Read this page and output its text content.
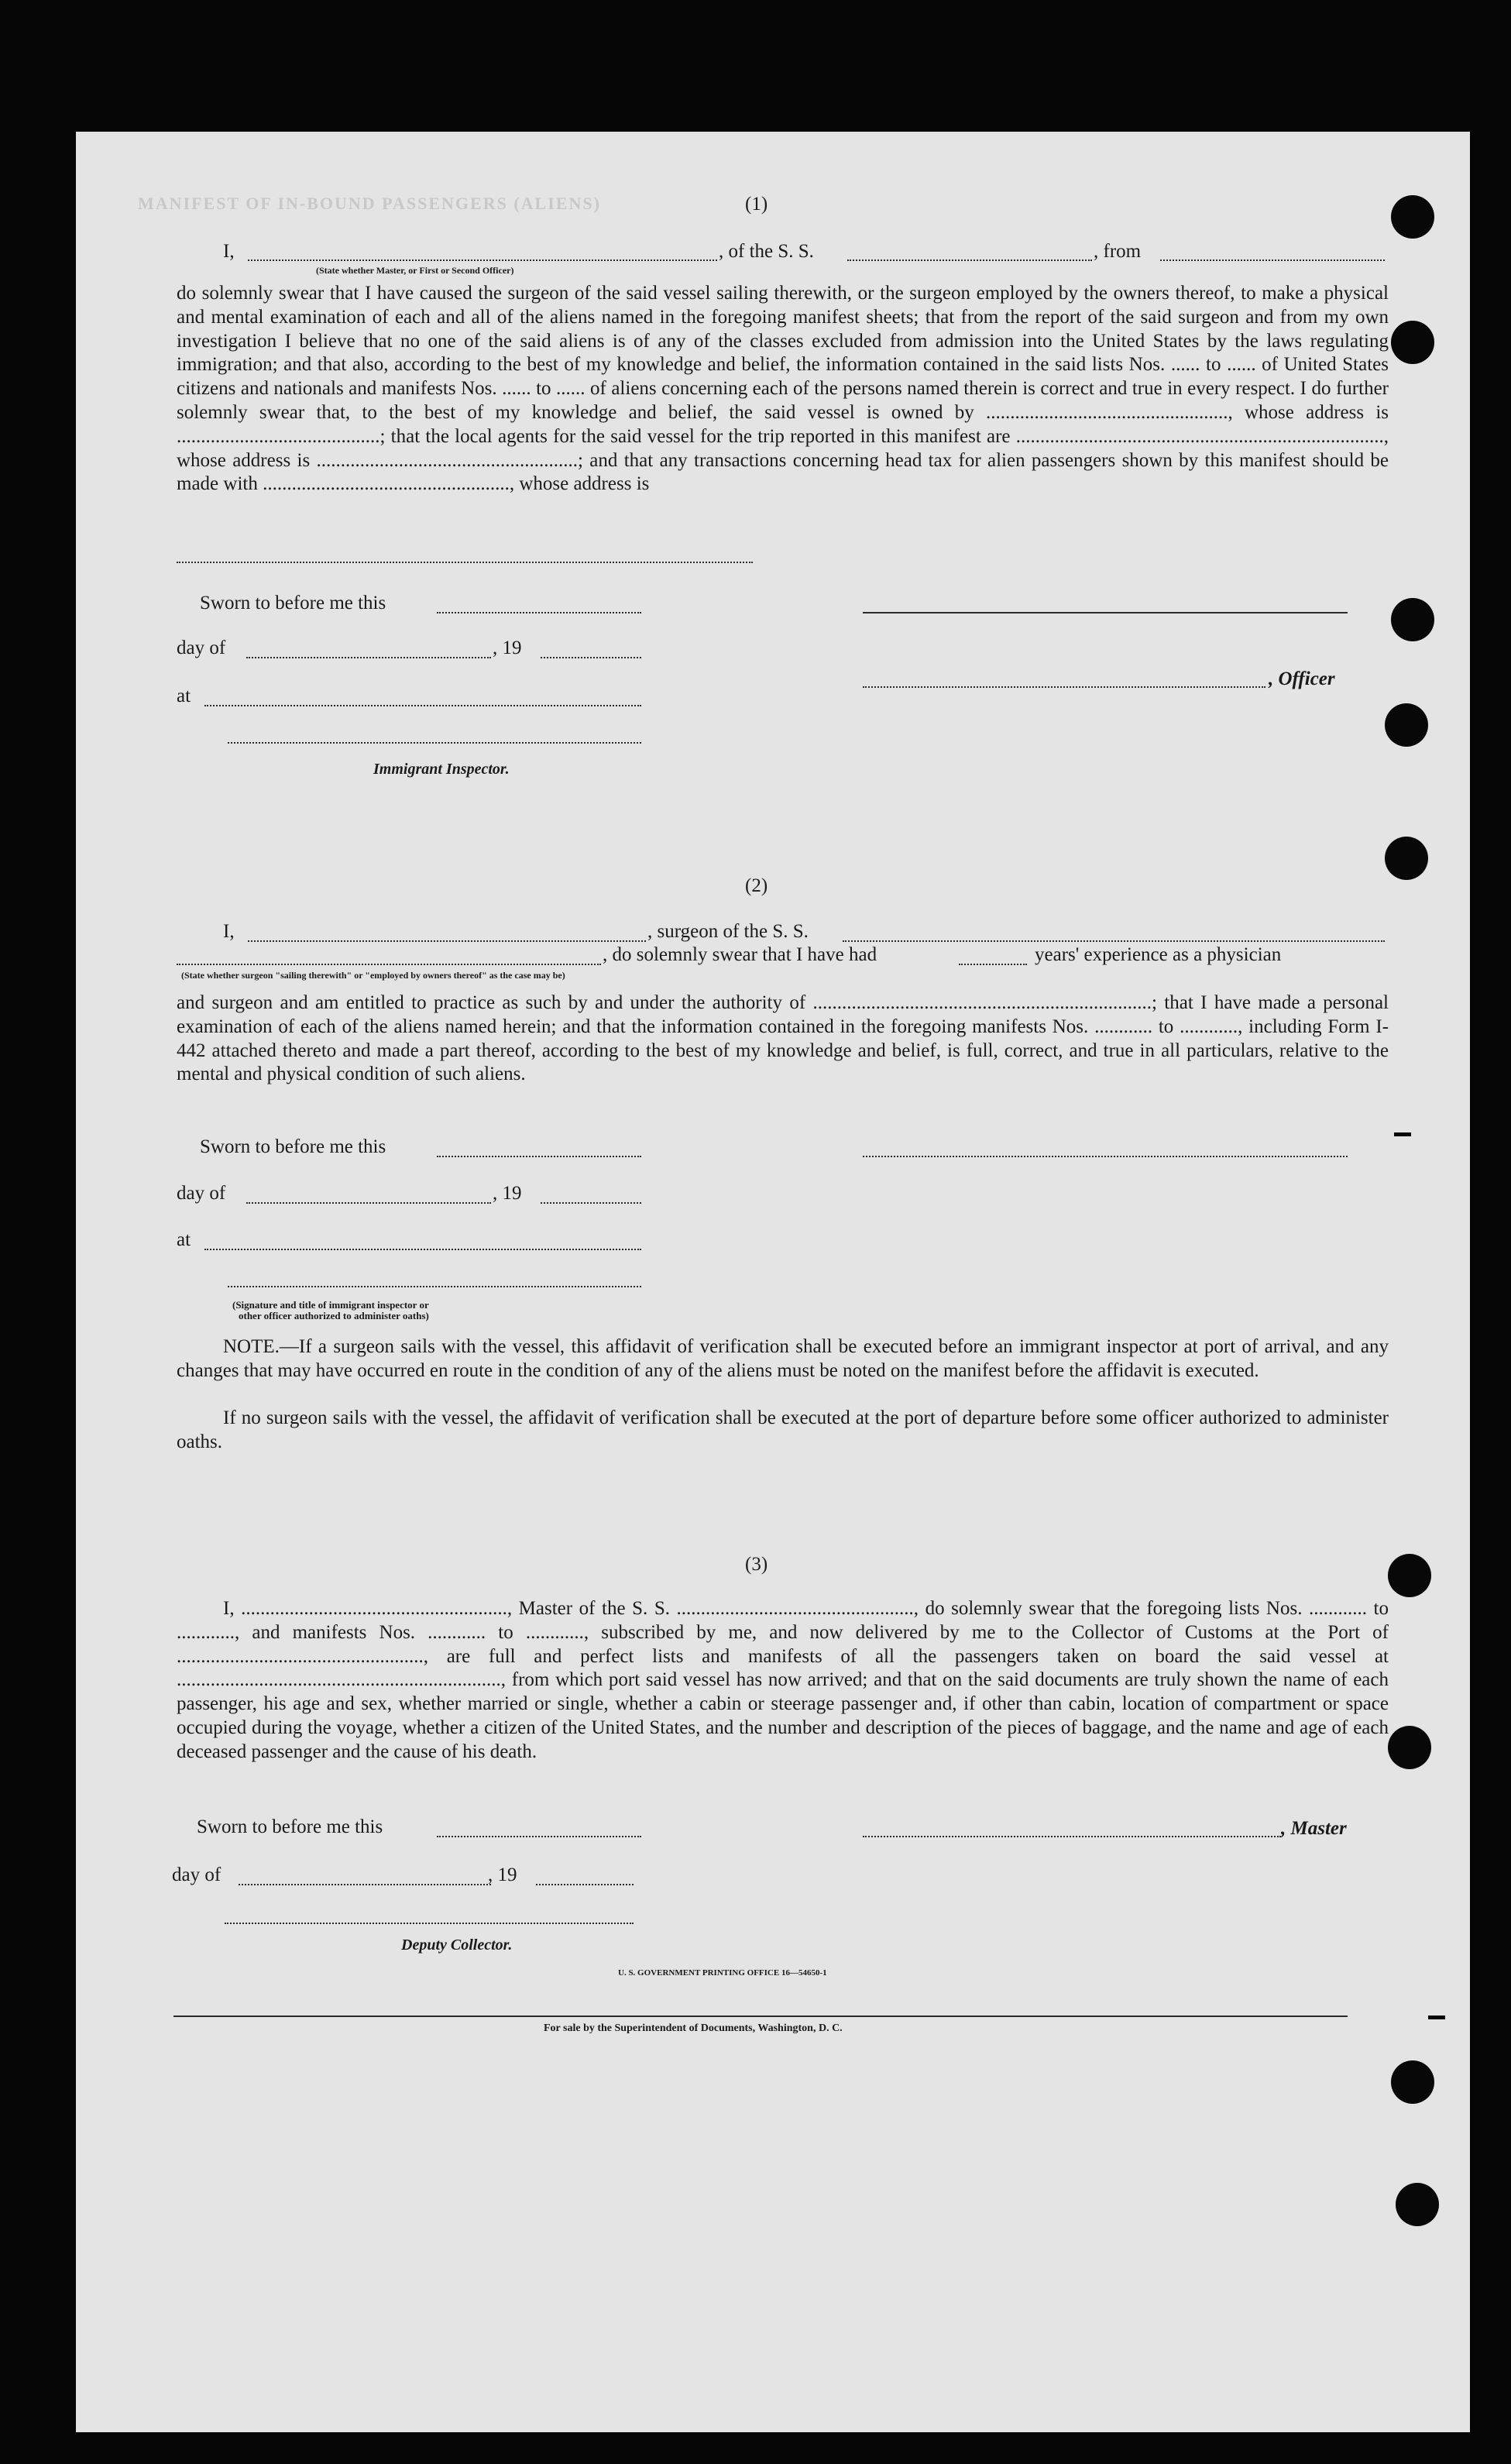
MANIFEST OF IN-BOUND PASSENGERS (ALIENS)	(1)
I,	, of the S. S.	, from
(State whether Master, or First or Second Officer)
do solemnly swear that I have caused the surgeon of the said vessel sailing therewith, or the surgeon employed by the owners thereof, to make a physical and mental examination of each and all of the aliens named in the foregoing manifest sheets; that from the report of the said surgeon and from my own investigation I believe that no one of the said aliens is of any of the classes excluded from admission into the United States by the laws regulating immigration; and that also, according to the best of my knowledge and belief, the information contained in the said lists Nos. ...... to ...... of United States citizens and nationals and manifests Nos. ...... to ...... of aliens concerning each of the persons named therein is correct and true in every respect. I do further solemnly swear that, to the best of my knowledge and belief, the said vessel is owned by .................................................., whose address is ..........................................; that the local agents for the said vessel for the trip reported in this manifest are ............................................................................, whose address is ......................................................; and that any transactions concerning head tax for alien passengers shown by this manifest should be made with ..................................................., whose address is
Sworn to before me this
day of	, 19
, Officer
at
Immigrant Inspector.
(2)
I,	, surgeon of the S. S.
, do solemnly swear that I have had	years' experience as a physician
(State whether surgeon "sailing therewith" or "employed by owners thereof" as the case may be)
and surgeon and am entitled to practice as such by and under the authority of ......................................................................; that I have made a personal examination of each of the aliens named herein; and that the information contained in the foregoing manifests Nos. ............ to ............, including Form I-442 attached thereto and made a part thereof, according to the best of my knowledge and belief, is full, correct, and true in all particulars, relative to the mental and physical condition of such aliens.
Sworn to before me this
day of	, 19
at
(Signature and title of immigrant inspector or
other officer authorized to administer oaths)
NOTE.—If a surgeon sails with the vessel, this affidavit of verification shall be executed before an immigrant inspector at port of arrival, and any changes that may have occurred en route in the condition of any of the aliens must be noted on the manifest before the affidavit is executed.
If no surgeon sails with the vessel, the affidavit of verification shall be executed at the port of departure before some officer authorized to administer oaths.
(3)
I, ......................................................., Master of the S. S. ................................................., do solemnly swear that the foregoing lists Nos. ............ to ............, and manifests Nos. ............ to ............, subscribed by me, and now delivered by me to the Collector of Customs at the Port of ..................................................., are full and perfect lists and manifests of all the passengers taken on board the said vessel at ..................................................................., from which port said vessel has now arrived; and that on the said documents are truly shown the name of each passenger, his age and sex, whether married or single, whether a cabin or steerage passenger and, if other than cabin, location of compartment or space occupied during the voyage, whether a citizen of the United States, and the number and description of the pieces of baggage, and the name and age of each deceased passenger and the cause of his death.
Sworn to before me this	, Master
day of	, 19
Deputy Collector.
U. S. GOVERNMENT PRINTING OFFICE 16—54650-1
For sale by the Superintendent of Documents, Washington, D. C.
